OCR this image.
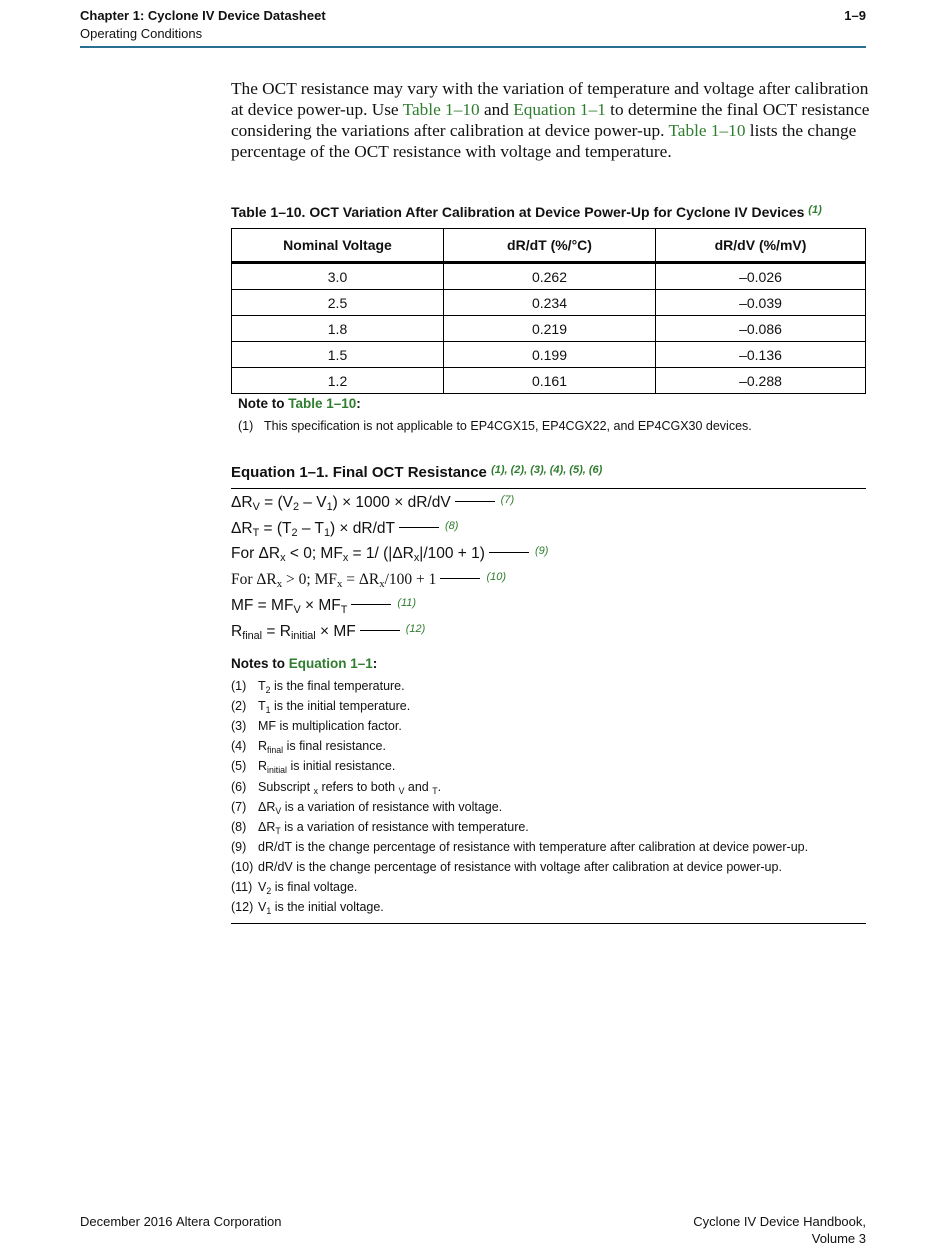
Chapter 1: Cyclone IV Device Datasheet
Operating Conditions
1–9
The OCT resistance may vary with the variation of temperature and voltage after calibration at device power-up. Use Table 1–10 and Equation 1–1 to determine the final OCT resistance considering the variations after calibration at device power-up. Table 1–10 lists the change percentage of the OCT resistance with voltage and temperature.
Table 1–10. OCT Variation After Calibration at Device Power-Up for Cyclone IV Devices $^{(1)}$
Nominal Voltage	dR/dT (%/°C)	dR/dV (%/mV)
3.0	0.262	–0.026
2.5	0.234	–0.039
1.8	0.219	–0.086
1.5	0.199	–0.136
1.2	0.161	–0.288
Note to Table 1–10:
(1) This specification is not applicable to EP4CGX15, EP4CGX22, and EP4CGX30 devices.
Equation 1–1. Final OCT Resistance $^{(1), (2), (3), (4), (5), (6)}$
$\Delta R_V = (V_2 - V_1) \times 1000 \times dR/dV$	$^{(7)}$
$\Delta R_T = (T_2 - T_1) \times dR/dT$	$^{(8)}$
For $\Delta R_x < 0$; $MF_x = 1/$ $(|\Delta R_x|/100 + 1)$	$^{(9)}$
For $\Delta R_x > 0$; $MF_x = \Delta R_x/100 + 1$	$^{(10)}$
MF = $MF_V \times MF_T^{(11)}$
$R_{final} = R_{initial}$ × MF	$^{(12)}$
Notes to Equation 1–1:
(1) $T_2$ is the final temperature.
(2) $T_1$ is the initial temperature.
(3) MF is multiplication factor.
(4) $R_{final}$ is final resistance.
(5) $R_{initial}$ is initial resistance.
(6) Subscript $_x$ refers to both $_V$ and $_T$.
(7) $\Delta R_V$ is a variation of resistance with voltage.
(8) $\Delta R_T$ is a variation of resistance with temperature.
(9) dR/dT is the change percentage of resistance with temperature after calibration at device power-up.
(10) dR/dV is the change percentage of resistance with voltage after calibration at device power-up.
(11) $V_2$ is final voltage.
(12) $V_1$ is the initial voltage.
December 2016 Altera Corporation	Cyclone IV Device Handbook,
Volume 3
